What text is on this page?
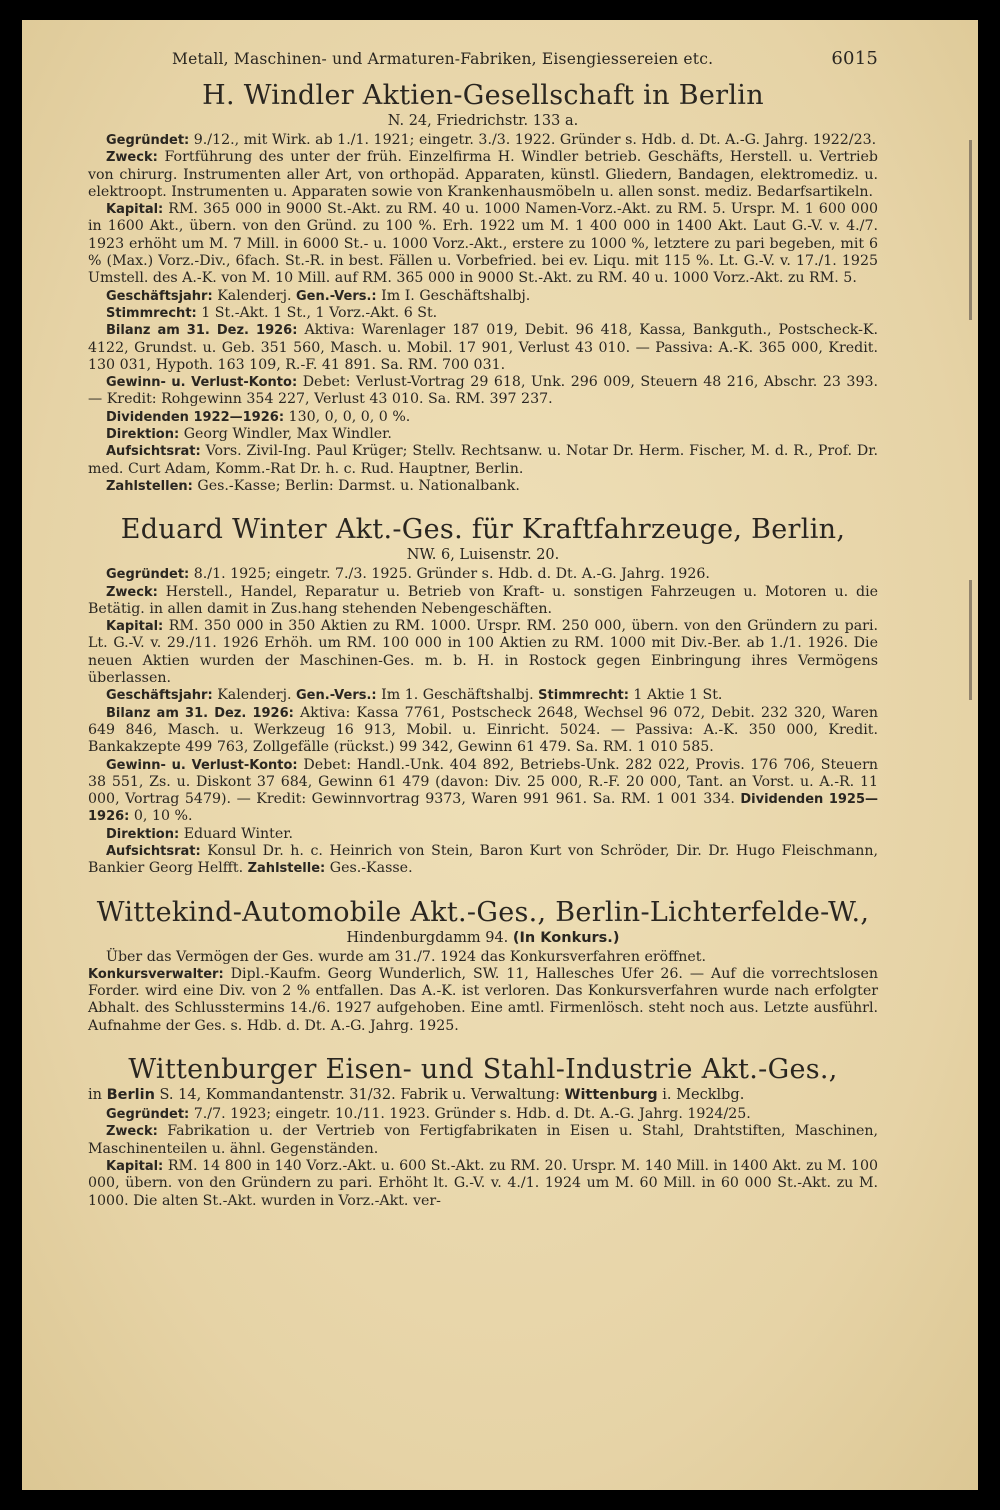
Metall, Maschinen- und Armaturen-Fabriken, Eisengiessereien etc.	6015
H. Windler Aktien-Gesellschaft in Berlin

N. 24, Friedrichstr. 133 a.

Gegründet: 9./12., mit Wirk. ab 1./1. 1921; eingetr. 3./3. 1922. Gründer s. Hdb. d. Dt. A.-G. Jahrg. 1922/23.

Zweck: Fortführung des unter der früh. Einzelfirma H. Windler betrieb. Geschäfts, Herstell. u. Vertrieb von chirurg. Instrumenten aller Art, von orthopäd. Apparaten, künstl. Gliedern, Bandagen, elektromediz. u. elektroopt. Instrumenten u. Apparaten sowie von Krankenhausmöbeln u. allen sonst. mediz. Bedarfsartikeln.

Kapital: RM. 365 000 in 9000 St.-Akt. zu RM. 40 u. 1000 Namen-Vorz.-Akt. zu RM. 5. Urspr. M. 1 600 000 in 1600 Akt., übern. von den Gründ. zu 100 %. Erh. 1922 um M. 1 400 000 in 1400 Akt. Laut G.-V. v. 4./7. 1923 erhöht um M. 7 Mill. in 6000 St.- u. 1000 Vorz.-Akt., erstere zu 1000 %, letztere zu pari begeben, mit 6 % (Max.) Vorz.-Div., 6fach. St.-R. in best. Fällen u. Vorbefried. bei ev. Liqu. mit 115 %. Lt. G.-V. v. 17./1. 1925 Umstell. des A.-K. von M. 10 Mill. auf RM. 365 000 in 9000 St.-Akt. zu RM. 40 u. 1000 Vorz.-Akt. zu RM. 5.

Geschäftsjahr: Kalenderj. Gen.-Vers.: Im I. Geschäftshalbj.

Stimmrecht: 1 St.-Akt. 1 St., 1 Vorz.-Akt. 6 St.

Bilanz am 31. Dez. 1926: Aktiva: Warenlager 187 019, Debit. 96 418, Kassa, Bankguth., Postscheck-K. 4122, Grundst. u. Geb. 351 560, Masch. u. Mobil. 17 901, Verlust 43 010. — Passiva: A.-K. 365 000, Kredit. 130 031, Hypoth. 163 109, R.-F. 41 891. Sa. RM. 700 031.

Gewinn- u. Verlust-Konto: Debet: Verlust-Vortrag 29 618, Unk. 296 009, Steuern 48 216, Abschr. 23 393. — Kredit: Rohgewinn 354 227, Verlust 43 010. Sa. RM. 397 237.

Dividenden 1922—1926: 130, 0, 0, 0, 0 %.

Direktion: Georg Windler, Max Windler.

Aufsichtsrat: Vors. Zivil-Ing. Paul Krüger; Stellv. Rechtsanw. u. Notar Dr. Herm. Fischer, M. d. R., Prof. Dr. med. Curt Adam, Komm.-Rat Dr. h. c. Rud. Hauptner, Berlin.

Zahlstellen: Ges.-Kasse; Berlin: Darmst. u. Nationalbank.

Eduard Winter Akt.-Ges. für Kraftfahrzeuge, Berlin,

NW. 6, Luisenstr. 20.

Gegründet: 8./1. 1925; eingetr. 7./3. 1925. Gründer s. Hdb. d. Dt. A.-G. Jahrg. 1926.

Zweck: Herstell., Handel, Reparatur u. Betrieb von Kraft- u. sonstigen Fahrzeugen u. Motoren u. die Betätig. in allen damit in Zus.hang stehenden Nebengeschäften.

Kapital: RM. 350 000 in 350 Aktien zu RM. 1000. Urspr. RM. 250 000, übern. von den Gründern zu pari. Lt. G.-V. v. 29./11. 1926 Erhöh. um RM. 100 000 in 100 Aktien zu RM. 1000 mit Div.-Ber. ab 1./1. 1926. Die neuen Aktien wurden der Maschinen-Ges. m. b. H. in Rostock gegen Einbringung ihres Vermögens überlassen.

Geschäftsjahr: Kalenderj. Gen.-Vers.: Im 1. Geschäftshalbj. Stimmrecht: 1 Aktie 1 St.

Bilanz am 31. Dez. 1926: Aktiva: Kassa 7761, Postscheck 2648, Wechsel 96 072, Debit. 232 320, Waren 649 846, Masch. u. Werkzeug 16 913, Mobil. u. Einricht. 5024. — Passiva: A.-K. 350 000, Kredit. Bankakzepte 499 763, Zollgefälle (rückst.) 99 342, Gewinn 61 479. Sa. RM. 1 010 585.

Gewinn- u. Verlust-Konto: Debet: Handl.-Unk. 404 892, Betriebs-Unk. 282 022, Provis. 176 706, Steuern 38 551, Zs. u. Diskont 37 684, Gewinn 61 479 (davon: Div. 25 000, R.-F. 20 000, Tant. an Vorst. u. A.-R. 11 000, Vortrag 5479). — Kredit: Gewinnvortrag 9373, Waren 991 961. Sa. RM. 1 001 334. Dividenden 1925—1926: 0, 10 %.

Direktion: Eduard Winter.

Aufsichtsrat: Konsul Dr. h. c. Heinrich von Stein, Baron Kurt von Schröder, Dir. Dr. Hugo Fleischmann, Bankier Georg Helfft. Zahlstelle: Ges.-Kasse.

Wittekind-Automobile Akt.-Ges., Berlin-Lichterfelde-W.,

Hindenburgdamm 94. (In Konkurs.)

Über das Vermögen der Ges. wurde am 31./7. 1924 das Konkursverfahren eröffnet.

Konkursverwalter: Dipl.-Kaufm. Georg Wunderlich, SW. 11, Hallesches Ufer 26. — Auf die vorrechtslosen Forder. wird eine Div. von 2 % entfallen. Das A.-K. ist verloren. Das Konkursverfahren wurde nach erfolgter Abhalt. des Schlusstermins 14./6. 1927 aufgehoben. Eine amtl. Firmenlösch. steht noch aus. Letzte ausführl. Aufnahme der Ges. s. Hdb. d. Dt. A.-G. Jahrg. 1925.

Wittenburger Eisen- und Stahl-Industrie Akt.-Ges.,

in Berlin S. 14, Kommandantenstr. 31/32. Fabrik u. Verwaltung: Wittenburg i. Mecklbg.

Gegründet: 7./7. 1923; eingetr. 10./11. 1923. Gründer s. Hdb. d. Dt. A.-G. Jahrg. 1924/25.

Zweck: Fabrikation u. der Vertrieb von Fertigfabrikaten in Eisen u. Stahl, Drahtstiften, Maschinen, Maschinenteilen u. ähnl. Gegenständen.

Kapital: RM. 14 800 in 140 Vorz.-Akt. u. 600 St.-Akt. zu RM. 20. Urspr. M. 140 Mill. in 1400 Akt. zu M. 100 000, übern. von den Gründern zu pari. Erhöht lt. G.-V. v. 4./1. 1924 um M. 60 Mill. in 60 000 St.-Akt. zu M. 1000. Die alten St.-Akt. wurden in Vorz.-Akt. ver-
